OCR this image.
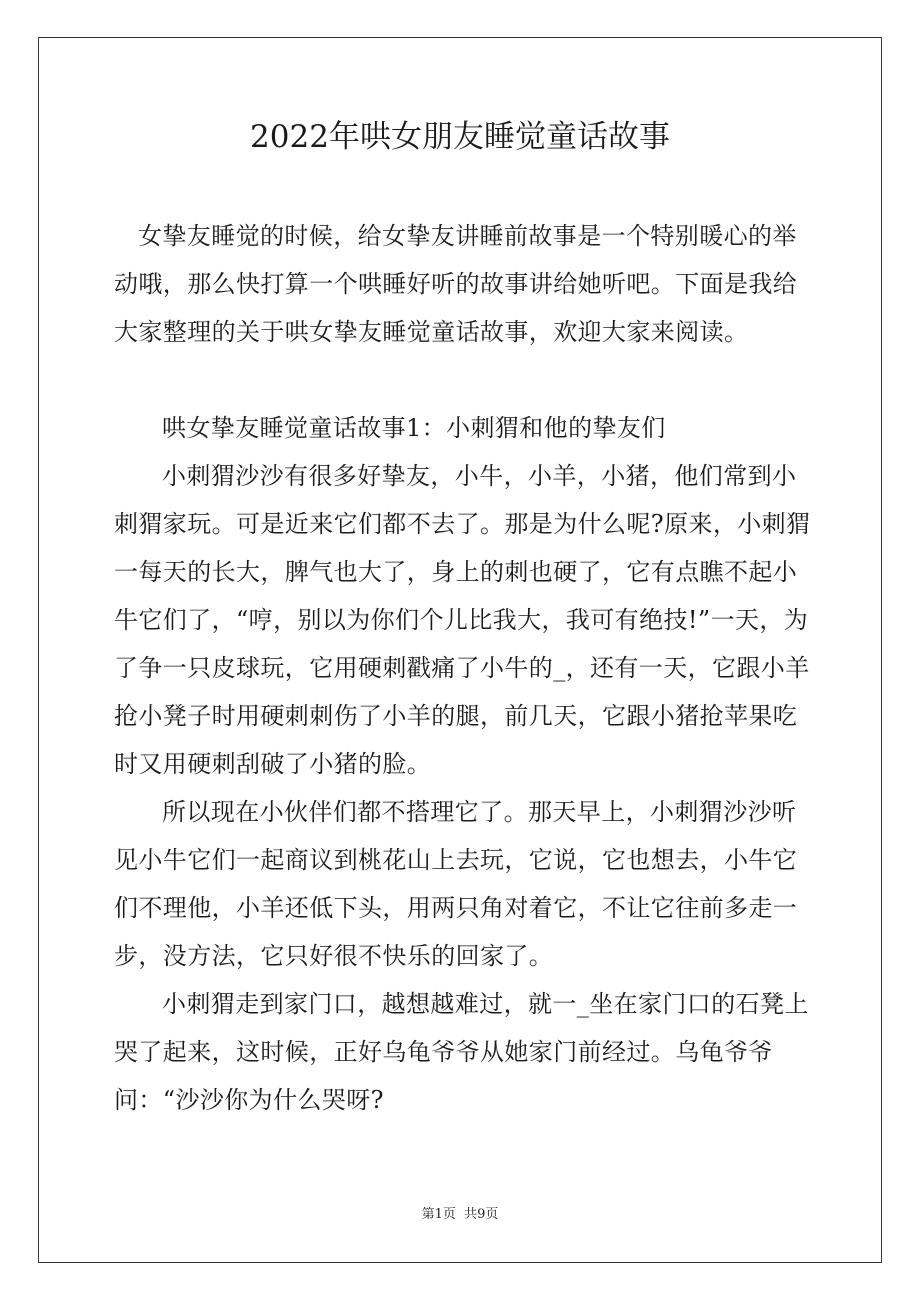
2022年哄女朋友睡觉童话故事

女挚友睡觉的时候，给女挚友讲睡前故事是一个特别暖心的举动哦，那么快打算一个哄睡好听的故事讲给她听吧。下面是我给大家整理的关于哄女挚友睡觉童话故事，欢迎大家来阅读。

哄女挚友睡觉童话故事1：小刺猬和他的挚友们

小刺猬沙沙有很多好挚友，小牛，小羊，小猪，他们常到小刺猬家玩。可是近来它们都不去了。那是为什么呢?原来，小刺猬一每天的长大，脾气也大了，身上的刺也硬了，它有点瞧不起小牛它们了，“哼，别以为你们个儿比我大，我可有绝技!”一天，为了争一只皮球玩，它用硬刺戳痛了小牛的_，还有一天，它跟小羊抢小凳子时用硬刺刺伤了小羊的腿，前几天，它跟小猪抢苹果吃时又用硬刺刮破了小猪的脸。

所以现在小伙伴们都不搭理它了。那天早上，小刺猬沙沙听见小牛它们一起商议到桃花山上去玩，它说，它也想去，小牛它们不理他，小羊还低下头，用两只角对着它，不让它往前多走一步，没方法，它只好很不快乐的回家了。

小刺猬走到家门口，越想越难过，就一_坐在家门口的石凳上哭了起来，这时候，正好乌龟爷爷从她家门前经过。乌龟爷爷问：“沙沙你为什么哭呀?

第1页 共9页
